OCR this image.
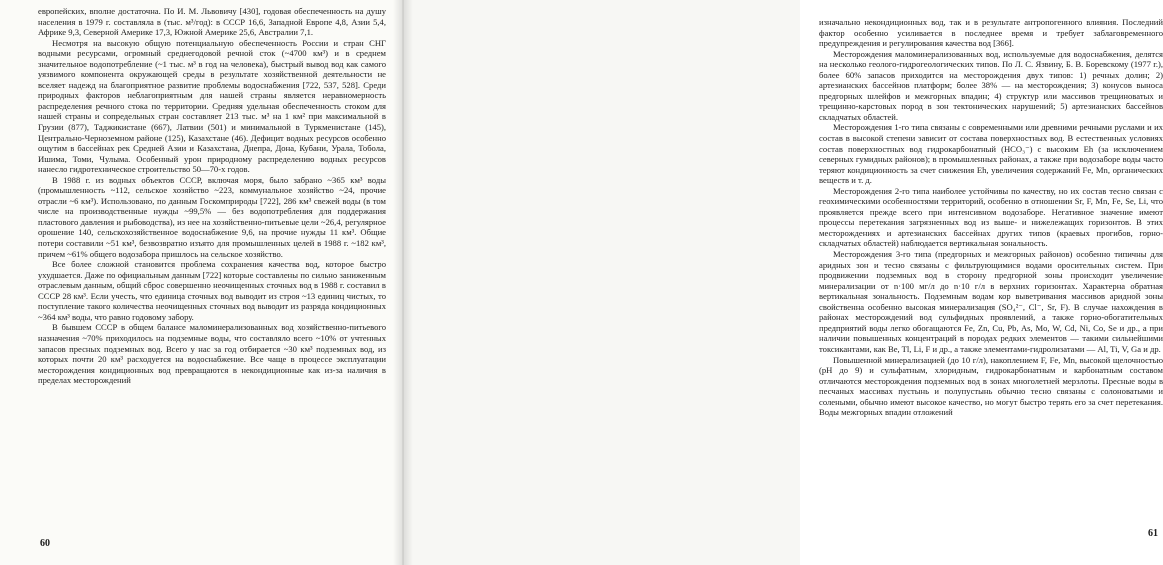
европейских, вполне достаточна. По И. М. Львовичу [430], годовая обеспеченность на душу населения в 1979 г. составляла в (тыс. м³/год): в СССР 16,6, Западной Европе 4,8, Азии 5,4, Африке 9,3, Северной Америке 17,3, Южной Америке 25,6, Австралии 7,1.

Несмотря на высокую общую потенциальную обеспеченность России и стран СНГ водными ресурсами, огромный среднегодовой речной сток (~4700 км³) и в среднем значительное водопотребление (~1 тыс. м³ в год на человека), быстрый вывод вод как самого уязвимого компонента окружающей среды в результате хозяйственной деятельности не вселяет надежд на благоприятное развитие проблемы водоснабжения [722, 537, 528]. Среди природных факторов неблагоприятным для нашей страны является неравномерность распределения речного стока по территории. Средняя удельная обеспеченность стоком для нашей страны и сопредельных стран составляет 213 тыс. м³ на 1 км² при максимальной в Грузии (877), Таджикистане (667), Латвии (501) и минимальной в Туркменистане (145), Центрально-Черноземном районе (125), Казахстане (46). Дефицит водных ресурсов особенно ощутим в бассейнах рек Средней Азии и Казахстана, Днепра, Дона, Кубани, Урала, Тобола, Ишима, Томи, Чулыма. Особенный урон природному распределению водных ресурсов нанесло гидротехническое строительство 50—70-х годов.

В 1988 г. из водных объектов СССР, включая моря, было забрано ~365 км³ воды (промышленность ~112, сельское хозяйство ~223, коммунальное хозяйство ~24, прочие отрасли ~6 км³). Использовано, по данным Госкомприроды [722], 286 км³ свежей воды (в том числе на производственные нужды ~99,5% — без водопотребления для поддержания пластового давления и рыбоводства), из нее на хозяйственно-питьевые цели ~26,4, регулярное орошение 140, сельскохозяйственное водоснабжение 9,6, на прочие нужды 11 км³. Общие потери составили ~51 км³, безвозвратно изъято для промышленных целей в 1988 г. ~182 км³, причем ~61% общего водозабора пришлось на сельское хозяйство.

Все более сложной становится проблема сохранения качества вод, которое быстро ухудшается. Даже по официальным данным [722] которые составлены по сильно заниженным отраслевым данным, общий сброс совершенно неочищенных сточных вод в 1988 г. составил в СССР 28 км³. Если учесть, что единица сточных вод выводит из строя ~13 единиц чистых, то поступление такого количества неочищенных сточных вод выводит из разряда кондиционных ~364 км³ воды, что равно годовому забору.

В бывшем СССР в общем балансе маломинерализованных вод хозяйственно-питьевого назначения ~70% приходилось на подземные воды, что составляло всего ~10% от учтенных запасов пресных подземных вод. Всего у нас за год отбирается ~30 км³ подземных вод, из которых почти 20 км³ расходуется на водоснабжение. Все чаще в процессе эксплуатации месторождения кондиционных вод превращаются в некондиционные как из-за наличия в пределах месторождений

60

изначально некондиционных вод, так и в результате антропогенного влияния. Последний фактор особенно усиливается в последнее время и требует заблаговременного предупреждения и регулирования качества вод [366].

Месторождения маломинерализованных вод, используемые для водоснабжения, делятся на несколько геолого-гидрогеологических типов. По Л. С. Язвину, Б. В. Боревскому (1977 г.), более 60% запасов приходится на месторождения двух типов: 1) речных долин; 2) артезианских бассейнов платформ; более 38% — на месторождения; 3) конусов выноса предгорных шлейфов и межгорных впадин; 4) структур или массивов трещиноватых и трещинно-карстовых пород в зон тектонических нарушений; 5) артезианских бассейнов складчатых областей.

Месторождения 1-го типа связаны с современными или древними речными руслами и их состав в высокой степени зависит от состава поверхностных вод. В естественных условиях состав поверхностных вод гидрокарбонатный (HCO₃⁻) с высоким Eh (за исключением северных гумидных районов); в промышленных районах, а также при водозаборе воды часто теряют кондиционность за счет снижения Eh, увеличения содержаний Fe, Mn, органических веществ и т. д.

Месторождения 2-го типа наиболее устойчивы по качеству, но их состав тесно связан с геохимическими особенностями территорий, особенно в отношении Sr, F, Mn, Fe, Se, Li, что проявляется прежде всего при интенсивном водозаборе. Негативное значение имеют процессы перетекания загрязненных вод из выше- и нижележащих горизонтов. В этих месторождениях и артезианских бассейнах других типов (краевых прогибов, горно-складчатых областей) наблюдается вертикальная зональность.

Месторождения 3-го типа (предгорных и межгорных районов) особенно типичны для аридных зон и тесно связаны с фильтрующимися водами оросительных систем. При продвижении подземных вод в сторону предгорной зоны происходит увеличение минерализации от n·100 мг/л до n·10 г/л в верхних горизонтах. Характерна обратная вертикальная зональность. Подземным водам кор выветривания массивов аридной зоны свойственна особенно высокая минерализация (SO₄²⁻, Cl⁻, Sr, F). В случае нахождения в районах месторождений вод сульфидных проявлений, а также горно-обогатительных предприятий воды легко обогащаются Fe, Zn, Cu, Pb, As, Mo, W, Cd, Ni, Co, Se и др., а при наличии повышенных концентраций в породах редких элементов — такими сильнейшими токсикантами, как Be, Tl, Li, F и др., а также элементами-гидролизатами — Al, Ti, V, Ga и др.

Повышенной минерализацией (до 10 г/л), накоплением F, Fe, Mn, высокой щелочностью (pH до 9) и сульфатным, хлоридным, гидрокарбонатным и карбонатным составом отличаются месторождения подземных вод в зонах многолетней мерзлоты. Пресные воды в песчаных массивах пустынь и полупустынь обычно тесно связаны с солоноватыми и солеными, обычно имеют высокое качество, но могут быстро терять его за счет перетекания. Воды межгорных впадин отложений

61
